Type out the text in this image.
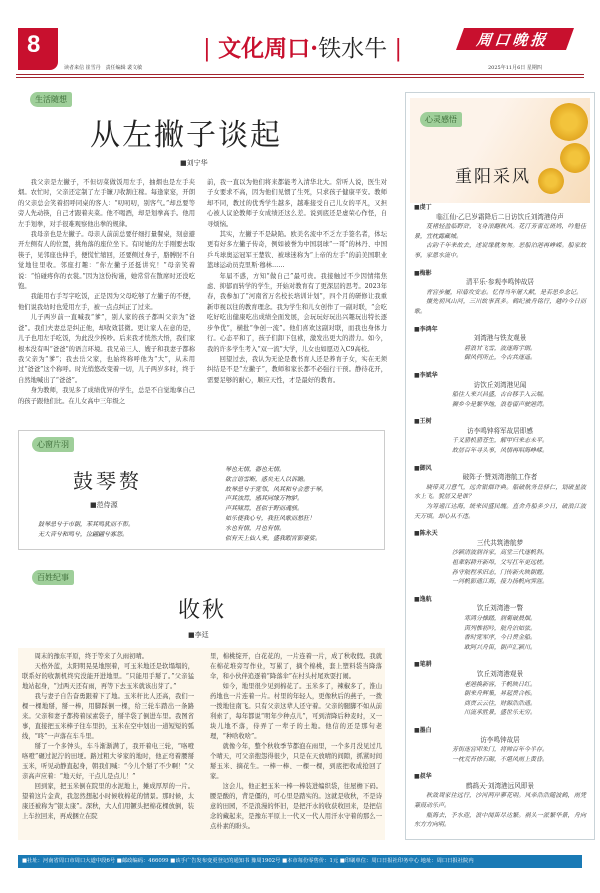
8
读者来信 崔雪丹　责任编辑 裴文敏
| 文化周口·铁水牛 |	周口晚报
2025年11月6日 星期四
生活随想
从左撇子谈起
■刘宁华

我父亲是左撇子，不但切菜做饭用左手，抽烟也是左手夹烟。农忙时，父亲还定制了左手镰刀收割庄稼。每逢家宴，开朗的父亲总会笑着招呼同桌的客人：“叨叨叨，别客气。”却总要等旁人先动筷，自己才跟着夹菜。他不喝酒，却是划拳高手。他用左手划拳，对手很难观察他出拳的规律。

我母亲也是左撇子。母亲人前前总要仔细打量餐桌，刻意避开左侧有人的位置，挑角落的座位坐下。有时她的左手刚要去取筷子，见邻座也伸手，便慌忙缩回，还要侧过身子，胳膊肘不自觉地往里收。邻座打趣：“你左撇子还挺讲究！”母亲笑着说：“怕碰疼你的衣裳。”因为这份拘谨，她常常在散席时还没吃饱。

我能用右手写字吃饭，正是因为父母吃够了左撇子的不便，他们说我幼时也爱用左手，被一点点纠正了过来。

儿子两岁前一直喊我“爹”，别人家的孩子都叫父亲为“爸爸”。我们夫妻总是纠正他，却收效甚微。更让家人在意的是，儿子也用左手吃饭，为此没少挨吵。后来我才恍然大悟，我们家根本没有叫“爸爸”的语言环境。我兄弟三人、嫂子和我妻子都称我父亲为“爹”；我去岳父家，也始终称呼他为“大”，从未用过“爸爸”这个称呼。时光悄悠改变着一切，儿子两岁多时，终于自然地喊出了“爸爸”。

身为教师，我见多了成绩优异的学生，总是不自觉地拿自己的孩子跟他们比。在儿女高中三年级之

前，我一直以为他们将来都能考入清华北大。常听人说，医生对子女要求不高，因为他们见惯了生死，只求孩子健康平安。教师却不同，教过的优秀学生越多，越难接受自己儿女的平凡，又担心被人议论教师子女成绩还这么差。说到底还是虚荣心作怪，自寻烦恼。

其实，左撇子不是缺陷。欧美名流中不乏左手签名者，体坛更有好多左撇子传奇，例如被誉为中国羽球“一哥”的林丹、中国乒乓球奥运冠军王楚钦、被球迷称为“上帝的左手”的前美国职业篮球运动员克里斯·穆林……

年届不惑，方知“做自己”最可贵。我接触过不少因情绪焦虑、抑郁而转学的学生，开始对教育有了更深层的思考。2023年春，我参加了“河南省万名校长培训计划”，四个月的研修让我重新审视以往的教育理念。我为学生和儿女创作了一副对联，“会吃吃好吃出健康吃出成绩全面发展，会玩玩好玩出兴趣玩出特长逐步争优”，横批“争创一流”。他们喜欢这副对联，而我也身体力行。心态平和了，孩子们卸下包袱，激发出更大的潜力。如今，我的许多学生考入“双一流”大学，儿女也如愿迈入C9高校。

回望过去，我认为无论是教书育人还是养育子女，实在无须纠结是不是“左撇子”，教师和家长都不必强行干预。静待花开，需要足够的耐心，顺应天性，才是最好的教育。

心窗片羽
鼓琴赘
■范侍源
鼓琴忌兮于市朝，苯其鸣犹而不彰。
无大音兮和鸣兮，泣翩翩兮寡怨。
琴也无情，器也无情。
欲言语雪断，惑矣无人以诉瞻。
故琴忌兮于宽邻，风其和兮会意于琴。
声其浊焉，感其同缘万物胪。
声其啸焉，甚似于野而魂骇。
如乐使我心兮，我狂风歌而愁狂！
水也有情，月也有情。
似有天上仙人来，盛我暇宵影婆娑。
百姓纪事
收秋
■李廷

周末的豫东平原，终于等来了久雨初晴。

天格外蓝，太阳明晃晃地照着，可玉米地还是软塌塌的，联系好的收割机终究没能开进地里。“只能用手掰了。”父亲猛地站起身，“过两天还有雨，再等下去玉米就该出芽了。”

我与妻子自告奋勇跟着下了地。玉米秆比人还高，我们一棵一棵地掰，掰一棒，用脚踩倒一棵，给三轮车踏出一条路来。父亲和妻子都挎着尿素袋子，掰半袋了倒进车里。我图省事，直接把玉米棒子往车里扔，玉米在空中划出一道短短的弧线，“咚”一声落在车斗里。

掰了一个多钟头，车斗渐渐满了，我开着电三轮，“咯噔咯噔”碾过泥泞的田埂。路过粗大爷家的地时，他正弯着腰掰玉米，听见动静直起身，朝我们喊：“今儿个掰了不少啊！”父亲高声应着：“地天好，干点儿是点儿！”

回到家，把玉米倒在院里的水泥地上，摊成厚厚的一片。望着这片金黄，我忽然想起小时候收棉花的情景。那时候，太康还被称为“银太康”。深秋，大人们用镢头把棉花棵放倒，装上车拉回来，再成捆立在院

里，棉桃绽开，白花花的，一片连着一片，成了秋收假。我就在棉花堆旁写作业，写累了，摘个棉桃，套上塑料袋当降落伞，和小伙伴追逐着“降落伞”在村头村尾欢耍打闹。

如今，地里很少见到棉花了。玉米多了，辣椒多了，淮山药地也一片连着一片。村里的年轻人，更像秋后的燕子，一拨一拨地往南飞。只有父亲这辈人还守着。父亲的腿脚不如从前利索了，每年都说“明年少种点儿”，可到清降后种麦时，又一块儿地不落，侍弄了一辈子的土地。他信的还是那句老理，“种啥收啥”。

就像今年，整个秋收季节都泡在雨里，一个多月没见过几个晴天，可父亲抱怨得很少，只是在天放晴的间隙，抓紧时间掰玉米、摘花生。一棒一棒、一棵一棵，到底把收成抢回了家。

这会儿，他正把玉米一棒一棒装进编织袋，往屋檐下码。腰是酸的，背是僵的，可心里是踏实的。这就是收秋，不是诗意的田园，不是浪漫的怀旧，是把汗水的收获收回来，是把信念的藏起来，是豫东平原上一代又一代人用汗水守着的那么一点朴素的盼头。

心灵感悟
重阳采风
■虔丁
临江仙·乙巳岁霜降后二日访饮丘刘湾港侍声
芨褚轻盈临野浒，飞身滚翻秋风。花汀芳蕾近斑鸠，吟魁佳景，宜枕露藏城。
古韵千年来故去，述说缘就匆匆。恶船泊港再峥嵘。船家故事，家恩水流中。
■梅影
清平乐·参观李鸣钟故居
青宫步履，印盾攻安志。忆得当年屠大献，是若思乡念记。
攘先初风山河，三川故事真多。鹤纪被舟铭行，越吟今日而歌。
■李鸿年
刘湾港与铁友观景
碧浪甘飞雪，波逐海宇朗。
御风何所止，今古共逐遥。
■李斌华
访饮丘刘湾港见闻
船往人来兴昌盛，古台移手入云端。
狮乡今是繁华地，浪卷留声驶港湾。
■王树
访李鸣钟将军故居即感
千叉猎机猎苍生，解甲归来志未平。
故居百年寻头事，风情再唱海峥嵘。
■御风
破阵子·赞刘湾港航工作者
晓带灵刀意气，远舍银烟许典。船破航务岳驿仁，划破星波水上飞。貌居又是谁？
为筹通江达海，统来因盛民魄。直舍舟船多少日，破浪江波天万顷。却心从不违。
■陈永天
三代共筑港航梦
沙颍清波润谷家，高堂三代逐帆斜。
祖辈躬耕开新埠，父写扛年更远槎。
孙守航程承旧志，门传新火映朝霞。
一河帆影通江海，接力扬帆向霁涯。
■逸航
饮丘刘湾港一瞥
寒鸿分操踏，润菊破晨烟。
茵列惟初吟，航舟泊如弦。
香时宽军序，今日贯金船。
欧阿兴舟笛，朝声汇颍川。
■笔耕
饮丘刘湾港观景
老港换新容，千帆映日红。
朝来舟辉集，昇起贯合栎。
商贾云云往，财源浩浩通。
川流承胜景，盛世乐无穷。
■墨白
访李鸣钟故居
芳街迷宫叩朱门，将帅百年今半存。
一枕荒苔徐石砌，不堪风雨上黄昏。
■叔华
鹧鸪天·刘湾港远风即景
秋敛周家往远行，沙河两岸蓼花明。风牵浩浩随波鹤，雨凭蒹葭动乐声。
瓶海去，予水迎，浪中闻笛尽达繁。祸头一派繁华景，舟向东方方向明。
■社址：河南省周口市周口大道中段6号 ■邮政编码：466099 ■该手广告发布变更登记的通知书 豫周1902号 ■本市每份零售价：1元 ■印刷单位：周口日报社印务中心 地址：周口日报社院内
